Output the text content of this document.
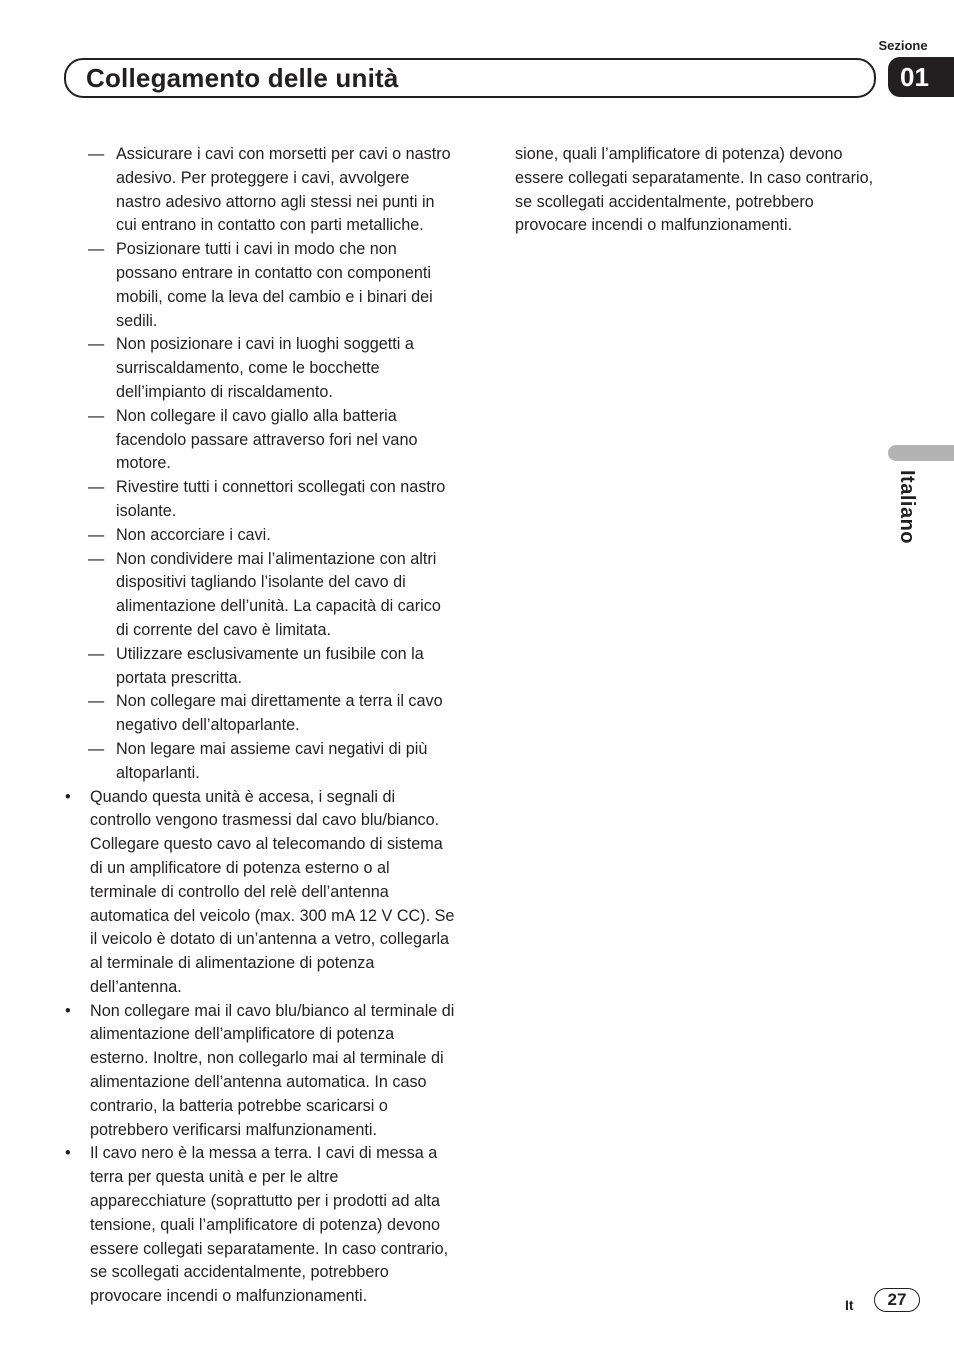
Sezione
Collegamento delle unità	01
Italiano
— Assicurare i cavi con morsetti per cavi o nastro adesivo. Per proteggere i cavi, avvolgere nastro adesivo attorno agli stessi nei punti in cui entrano in contatto con parti metalliche.
— Posizionare tutti i cavi in modo che non possano entrare in contatto con componenti mobili, come la leva del cambio e i binari dei sedili.
— Non posizionare i cavi in luoghi soggetti a surriscaldamento, come le bocchette dell’impianto di riscaldamento.
— Non collegare il cavo giallo alla batteria facendolo passare attraverso fori nel vano motore.
— Rivestire tutti i connettori scollegati con nastro isolante.
— Non accorciare i cavi.
— Non condividere mai l’alimentazione con altri dispositivi tagliando l’isolante del cavo di alimentazione dell’unità. La capacità di carico di corrente del cavo è limitata.
— Utilizzare esclusivamente un fusibile con la portata prescritta.
— Non collegare mai direttamente a terra il cavo negativo dell’altoparlante.
— Non legare mai assieme cavi negativi di più altoparlanti.
• Quando questa unità è accesa, i segnali di controllo vengono trasmessi dal cavo blu/bianco. Collegare questo cavo al telecomando di sistema di un amplificatore di potenza esterno o al terminale di controllo del relè dell’antenna automatica del veicolo (max. 300 mA 12 V CC). Se il veicolo è dotato di un’antenna a vetro, collegarla al terminale di alimentazione di potenza dell’antenna.
• Non collegare mai il cavo blu/bianco al terminale di alimentazione dell’amplificatore di potenza esterno. Inoltre, non collegarlo mai al terminale di alimentazione dell’antenna automatica. In caso contrario, la batteria potrebbe scaricarsi o potrebbero verificarsi malfunzionamenti.
• Il cavo nero è la messa a terra. I cavi di messa a terra per questa unità e per le altre apparecchiature (soprattutto per i prodotti ad alta tensione, quali l’amplificatore di potenza) devono essere collegati separatamente. In caso contrario, se scollegati accidentalmente, potrebbero provocare incendi o malfunzionamenti.

sione, quali l’amplificatore di potenza) devono essere collegati separatamente. In caso contrario, se scollegati accidentalmente, potrebbero provocare incendi o malfunzionamenti.

It	27
